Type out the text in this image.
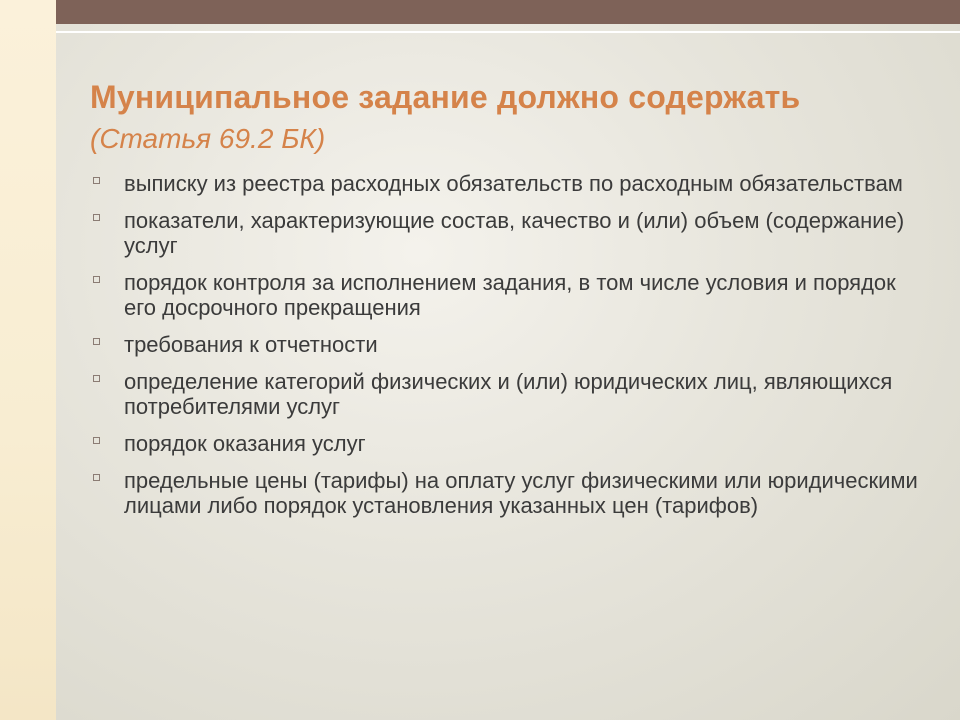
Муниципальное задание должно содержать
(Статья 69.2 БК)
выписку из реестра расходных обязательств по расходным обязательствам
показатели, характеризующие состав, качество и (или) объем (содержание) услуг
порядок контроля за исполнением задания, в том числе условия и порядок его досрочного прекращения
требования к отчетности
определение категорий физических и (или) юридических лиц, являющихся потребителями услуг
порядок оказания услуг
предельные цены (тарифы) на оплату услуг физическими или юридическими лицами либо порядок установления указанных цен (тарифов)
